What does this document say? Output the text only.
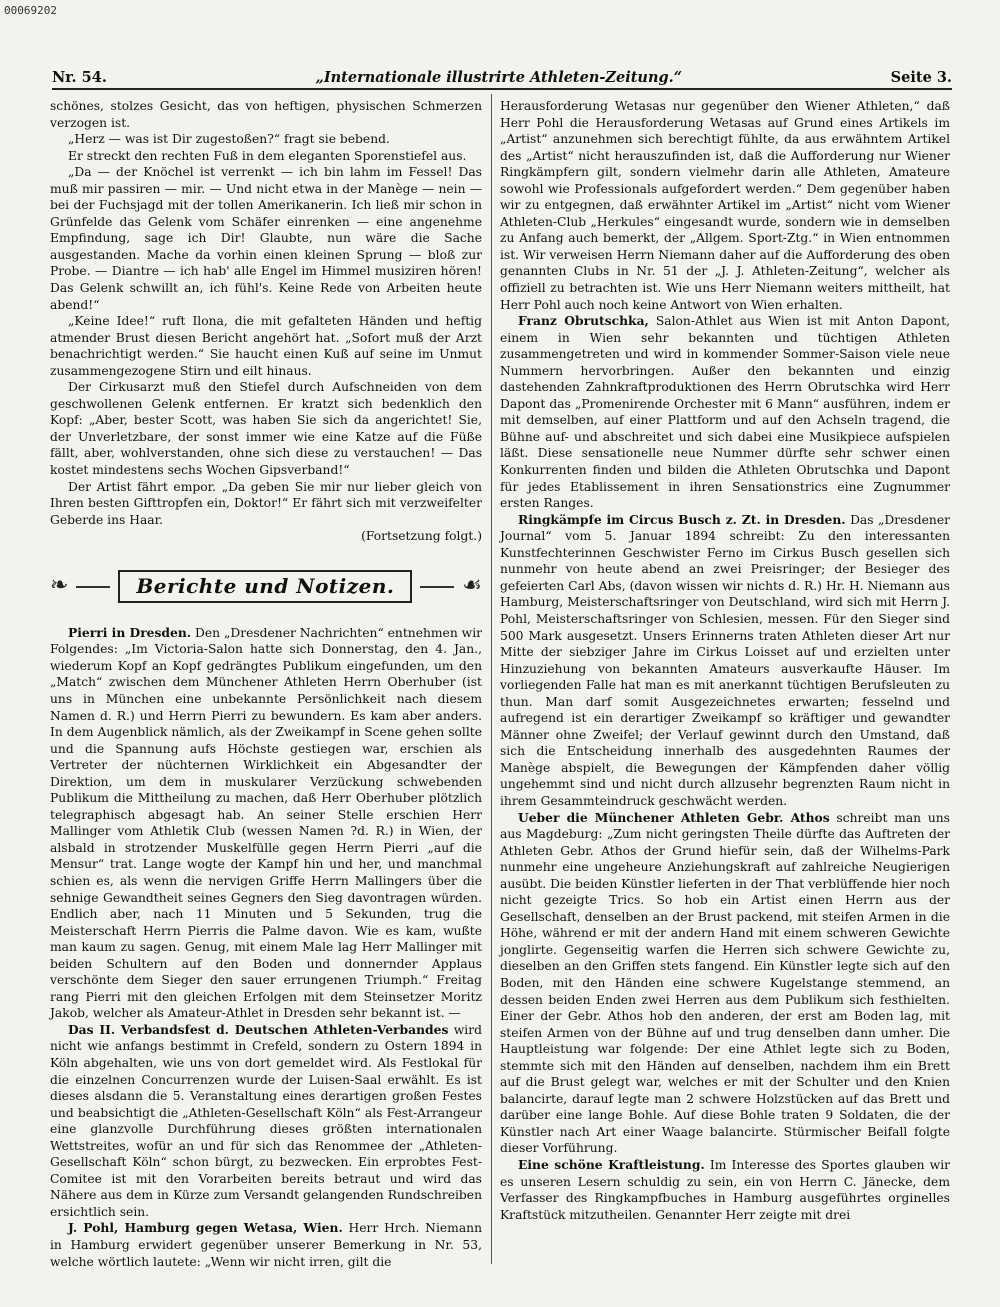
00069202
Nr. 54.	„Internationale illustrirte Athleten-Zeitung.“	Seite 3.

schönes, stolzes Gesicht, das von heftigen, physischen Schmerzen verzogen ist.

„Herz — was ist Dir zugestoßen?“ fragt sie bebend.

Er streckt den rechten Fuß in dem eleganten Sporenstiefel aus.

„Da — der Knöchel ist verrenkt — ich bin lahm im Fessel! Das muß mir passiren — mir. — Und nicht etwa in der Manège — nein — bei der Fuchsjagd mit der tollen Amerikanerin. Ich ließ mir schon in Grünfelde das Gelenk vom Schäfer einrenken — eine angenehme Empfindung, sage ich Dir! Glaubte, nun wäre die Sache ausgestanden. Mache da vorhin einen kleinen Sprung — bloß zur Probe. — Diantre — ich hab' alle Engel im Himmel musiziren hören! Das Gelenk schwillt an, ich fühl's. Keine Rede von Arbeiten heute abend!“

„Keine Idee!“ ruft Ilona, die mit gefalteten Händen und heftig atmender Brust diesen Bericht angehört hat. „Sofort muß der Arzt benachrichtigt werden.“ Sie haucht einen Kuß auf seine im Unmut zusammengezogene Stirn und eilt hinaus.

Der Cirkusarzt muß den Stiefel durch Aufschneiden von dem geschwollenen Gelenk entfernen. Er kratzt sich bedenklich den Kopf: „Aber, bester Scott, was haben Sie sich da angerichtet! Sie, der Unverletzbare, der sonst immer wie eine Katze auf die Füße fällt, aber, wohlverstanden, ohne sich diese zu verstauchen! — Das kostet mindestens sechs Wochen Gipsverband!“

Der Artist fährt empor. „Da geben Sie mir nur lieber gleich von Ihren besten Gifttropfen ein, Doktor!“ Er fährt sich mit verzweifelter Geberde ins Haar.

(Fortsetzung folgt.)

❧	Berichte und Notizen.	☙

Pierri in Dresden. Den „Dresdener Nachrichten“ entnehmen wir Folgendes: „Im Victoria-Salon hatte sich Donnerstag, den 4. Jan., wiederum Kopf an Kopf gedrängtes Publikum eingefunden, um den „Match“ zwischen dem Münchener Athleten Herrn Oberhuber (ist uns in München eine unbekannte Persönlichkeit nach diesem Namen d. R.) und Herrn Pierri zu bewundern. Es kam aber anders. In dem Augenblick nämlich, als der Zweikampf in Scene gehen sollte und die Spannung aufs Höchste gestiegen war, erschien als Vertreter der nüchternen Wirklichkeit ein Abgesandter der Direktion, um dem in muskularer Verzückung schwebenden Publikum die Mittheilung zu machen, daß Herr Oberhuber plötzlich telegraphisch abgesagt hab. An seiner Stelle erschien Herr Mallinger vom Athletik Club (wessen Namen ?d. R.) in Wien, der alsbald in strotzender Muskelfülle gegen Herrn Pierri „auf die Mensur“ trat. Lange wogte der Kampf hin und her, und manchmal schien es, als wenn die nervigen Griffe Herrn Mallingers über die sehnige Gewandtheit seines Gegners den Sieg davontragen würden. Endlich aber, nach 11 Minuten und 5 Sekunden, trug die Meisterschaft Herrn Pierris die Palme davon. Wie es kam, wußte man kaum zu sagen. Genug, mit einem Male lag Herr Mallinger mit beiden Schultern auf den Boden und donnernder Applaus verschönte dem Sieger den sauer errungenen Triumph.“ Freitag rang Pierri mit den gleichen Erfolgen mit dem Steinsetzer Moritz Jakob, welcher als Amateur-Athlet in Dresden sehr bekannt ist. —

Das II. Verbandsfest d. Deutschen Athleten-Verbandes wird nicht wie anfangs bestimmt in Crefeld, sondern zu Ostern 1894 in Köln abgehalten, wie uns von dort gemeldet wird. Als Festlokal für die einzelnen Concurrenzen wurde der Luisen-Saal erwählt. Es ist dieses alsdann die 5. Veranstaltung eines derartigen großen Festes und beabsichtigt die „Athleten-Gesellschaft Köln“ als Fest-Arrangeur eine glanzvolle Durchführung dieses größten internationalen Wettstreites, wofür an und für sich das Renommee der „Athleten-Gesellschaft Köln“ schon bürgt, zu bezwecken. Ein erprobtes Fest-Comitee ist mit den Vorarbeiten bereits betraut und wird das Nähere aus dem in Kürze zum Versandt gelangenden Rundschreiben ersichtlich sein.

J. Pohl, Hamburg gegen Wetasa, Wien. Herr Hrch. Niemann in Hamburg erwidert gegenüber unserer Bemerkung in Nr. 53, welche wörtlich lautete: „Wenn wir nicht irren, gilt die

Herausforderung Wetasas nur gegenüber den Wiener Athleten,“ daß Herr Pohl die Herausforderung Wetasas auf Grund eines Artikels im „Artist“ anzunehmen sich berechtigt fühlte, da aus erwähntem Artikel des „Artist“ nicht herauszufinden ist, daß die Aufforderung nur Wiener Ringkämpfern gilt, sondern vielmehr darin alle Athleten, Amateure sowohl wie Professionals aufgefordert werden.“ Dem gegenüber haben wir zu entgegnen, daß erwähnter Artikel im „Artist“ nicht vom Wiener Athleten-Club „Herkules“ eingesandt wurde, sondern wie in demselben zu Anfang auch bemerkt, der „Allgem. Sport-Ztg.“ in Wien entnommen ist. Wir verweisen Herrn Niemann daher auf die Aufforderung des oben genannten Clubs in Nr. 51 der „J. J. Athleten-Zeitung“, welcher als offiziell zu betrachten ist. Wie uns Herr Niemann weiters mittheilt, hat Herr Pohl auch noch keine Antwort von Wien erhalten.

Franz Obrutschka, Salon-Athlet aus Wien ist mit Anton Dapont, einem in Wien sehr bekannten und tüchtigen Athleten zusammengetreten und wird in kommender Sommer-Saison viele neue Nummern hervorbringen. Außer den bekannten und einzig dastehenden Zahnkraftproduktionen des Herrn Obrutschka wird Herr Dapont das „Promenirende Orchester mit 6 Mann“ ausführen, indem er mit demselben, auf einer Plattform und auf den Achseln tragend, die Bühne auf- und abschreitet und sich dabei eine Musikpiece aufspielen läßt. Diese sensationelle neue Nummer dürfte sehr schwer einen Konkurrenten finden und bilden die Athleten Obrutschka und Dapont für jedes Etablissement in ihren Sensationstrics eine Zugnummer ersten Ranges.

Ringkämpfe im Circus Busch z. Zt. in Dresden. Das „Dresdener Journal“ vom 5. Januar 1894 schreibt: Zu den interessanten Kunstfechterinnen Geschwister Ferno im Cirkus Busch gesellen sich nunmehr von heute abend an zwei Preisringer; der Besieger des gefeierten Carl Abs, (davon wissen wir nichts d. R.) Hr. H. Niemann aus Hamburg, Meisterschaftsringer von Deutschland, wird sich mit Herrn J. Pohl, Meisterschaftsringer von Schlesien, messen. Für den Sieger sind 500 Mark ausgesetzt. Unsers Erinnerns traten Athleten dieser Art nur Mitte der siebziger Jahre im Cirkus Loisset auf und erzielten unter Hinzuziehung von bekannten Amateurs ausverkaufte Häuser. Im vorliegenden Falle hat man es mit anerkannt tüchtigen Berufsleuten zu thun. Man darf somit Ausgezeichnetes erwarten; fesselnd und aufregend ist ein derartiger Zweikampf so kräftiger und gewandter Männer ohne Zweifel; der Verlauf gewinnt durch den Umstand, daß sich die Entscheidung innerhalb des ausgedehnten Raumes der Manège abspielt, die Bewegungen der Kämpfenden daher völlig ungehemmt sind und nicht durch allzusehr begrenzten Raum nicht in ihrem Gesammteindruck geschwächt werden.

Ueber die Münchener Athleten Gebr. Athos schreibt man uns aus Magdeburg: „Zum nicht geringsten Theile dürfte das Auftreten der Athleten Gebr. Athos der Grund hiefür sein, daß der Wilhelms-Park nunmehr eine ungeheure Anziehungskraft auf zahlreiche Neugierigen ausübt. Die beiden Künstler lieferten in der That verblüffende hier noch nicht gezeigte Trics. So hob ein Artist einen Herrn aus der Gesellschaft, denselben an der Brust packend, mit steifen Armen in die Höhe, während er mit der andern Hand mit einem schweren Gewichte jonglirte. Gegenseitig warfen die Herren sich schwere Gewichte zu, dieselben an den Griffen stets fangend. Ein Künstler legte sich auf den Boden, mit den Händen eine schwere Kugelstange stemmend, an dessen beiden Enden zwei Herren aus dem Publikum sich festhielten. Einer der Gebr. Athos hob den anderen, der erst am Boden lag, mit steifen Armen von der Bühne auf und trug denselben dann umher. Die Hauptleistung war folgende: Der eine Athlet legte sich zu Boden, stemmte sich mit den Händen auf denselben, nachdem ihm ein Brett auf die Brust gelegt war, welches er mit der Schulter und den Knien balancirte, darauf legte man 2 schwere Holzstücken auf das Brett und darüber eine lange Bohle. Auf diese Bohle traten 9 Soldaten, die der Künstler nach Art einer Waage balancirte. Stürmischer Beifall folgte dieser Vorführung.

Eine schöne Kraftleistung. Im Interesse des Sportes glauben wir es unseren Lesern schuldig zu sein, ein von Herrn C. Jänecke, dem Verfasser des Ringkampfbuches in Hamburg ausgeführtes orginelles Kraftstück mitzutheilen. Genannter Herr zeigte mit drei
